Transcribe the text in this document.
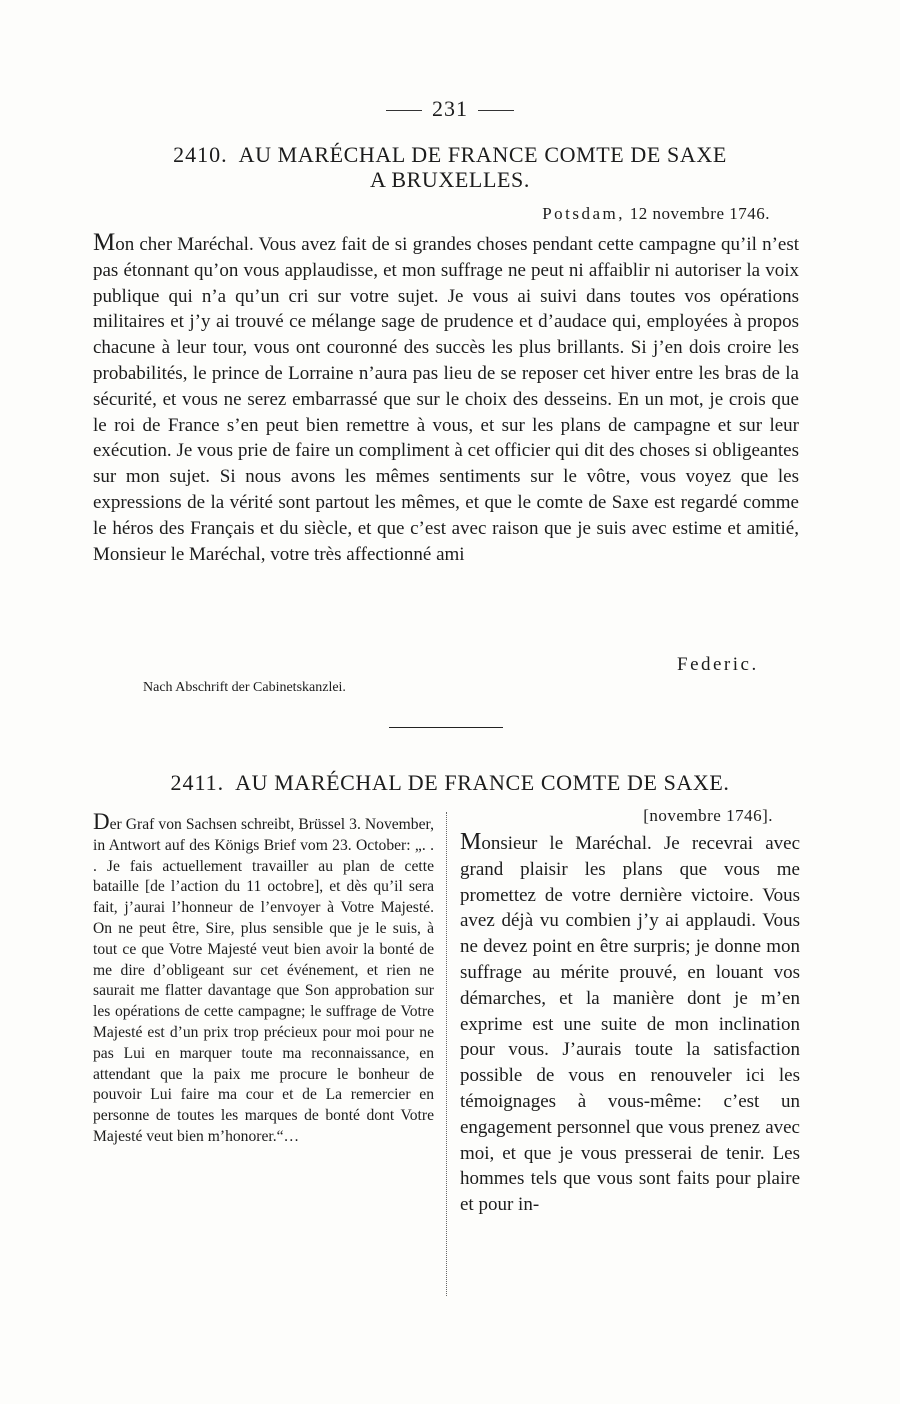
231
2410. AU MARÉCHAL DE FRANCE COMTE DE SAXE
A BRUXELLES.
Potsdam, 12 novembre 1746.
Mon cher Maréchal. Vous avez fait de si grandes choses pendant cette campagne qu’il n’est pas étonnant qu’on vous applaudisse, et mon suffrage ne peut ni affaiblir ni autoriser la voix publique qui n’a qu’un cri sur votre sujet. Je vous ai suivi dans toutes vos opérations militaires et j’y ai trouvé ce mélange sage de prudence et d’audace qui, employées à propos chacune à leur tour, vous ont couronné des succès les plus brillants. Si j’en dois croire les probabilités, le prince de Lorraine n’aura pas lieu de se reposer cet hiver entre les bras de la sécurité, et vous ne serez embarrassé que sur le choix des desseins. En un mot, je crois que le roi de France s’en peut bien remettre à vous, et sur les plans de campagne et sur leur exécution. Je vous prie de faire un compliment à cet officier qui dit des choses si obligeantes sur mon sujet. Si nous avons les mêmes sentiments sur le vôtre, vous voyez que les expressions de la vérité sont partout les mêmes, et que le comte de Saxe est regardé comme le héros des Français et du siècle, et que c’est avec raison que je suis avec estime et amitié, Monsieur le Maréchal, votre très affectionné ami
Federic.
Nach Abschrift der Cabinetskanzlei.
2411. AU MARÉCHAL DE FRANCE COMTE DE SAXE.
Der Graf von Sachsen schreibt, Brüssel 3. November, in Antwort auf des Königs Brief vom 23. October: „. . . Je fais actuellement travailler au plan de cette bataille [de l’action du 11 octobre], et dès qu’il sera fait, j’aurai l’honneur de l’envoyer à Votre Majesté. On ne peut être, Sire, plus sensible que je le suis, à tout ce que Votre Majesté veut bien avoir la bonté de me dire d’obligeant sur cet événement, et rien ne saurait me flatter davantage que Son approbation sur les opérations de cette campagne; le suffrage de Votre Majesté est d’un prix trop précieux pour moi pour ne pas Lui en marquer toute ma reconnaissance, en attendant que la paix me procure le bonheur de pouvoir Lui faire ma cour et de La remercier en personne de toutes les marques de bonté dont Votre Majesté veut bien m’honorer.“…
[novembre 1746].
Monsieur le Maréchal. Je recevrai avec grand plaisir les plans que vous me promettez de votre dernière victoire. Vous avez déjà vu combien j’y ai applaudi. Vous ne devez point en être surpris; je donne mon suffrage au mérite prouvé, en louant vos démarches, et la manière dont je m’en exprime est une suite de mon inclination pour vous. J’aurais toute la satisfaction possible de vous en renouveler ici les témoignages à vous-même: c’est un engagement personnel que vous prenez avec moi, et que je vous presserai de tenir. Les hommes tels que vous sont faits pour plaire et pour in-
